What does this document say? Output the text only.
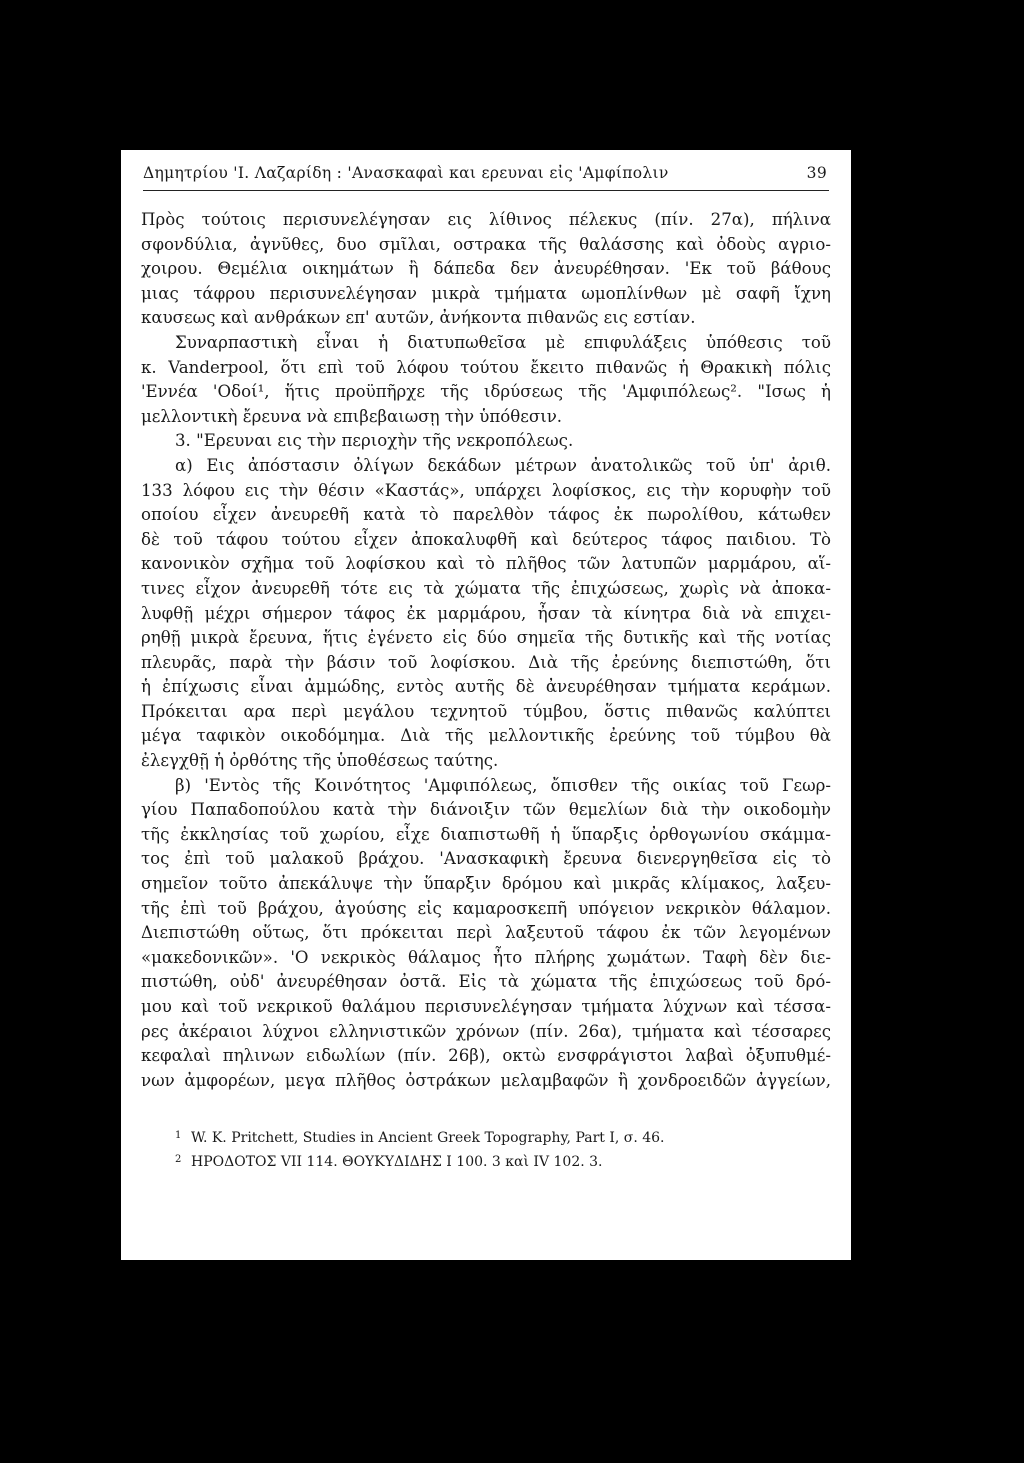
Δημητρίου 'Ι. Λαζαρίδη : 'Ανασκαφαὶ και ερευναι εἰς 'Αμφίπολιν	39
Πρὸς τούτοις περισυνελέγησαν εις λίθινος πέλεκυς (πίν. 27α), πήλινα
σφονδύλια, ἀγνῦθες, δυο σμῖλαι, οστρακα τῆς θαλάσσης καὶ ὀδοὺς αγριο-
χοιρου. Θεμέλια οικημάτων ἢ δάπεδα δεν ἀνευρέθησαν. 'Εκ τοῦ βάθους
μιας τάφρου περισυνελέγησαν μικρὰ τμήματα ωμοπλίνθων μὲ σαφῆ ἴχνη
καυσεως καὶ ανθράκων επ' αυτῶν, ἀνήκοντα πιθανῶς εις εστίαν.
Συναρπαστικὴ εἶναι ἡ διατυπωθεῖσα μὲ επιφυλάξεις ὑπόθεσις τοῦ
κ. Vanderpool, ὅτι επὶ τοῦ λόφου τούτου ἔκειτο πιθανῶς ἡ Θρακικὴ πόλις
'Εννέα 'Οδοί¹, ἥτις προϋπῆρχε τῆς ιδρύσεως τῆς 'Αμφιπόλεως². "Ισως ἡ
μελλοντικὴ ἔρευνα νὰ επιβεβαιωσῃ τὴν ὑπόθεσιν.
3. "Ερευναι εις τὴν περιοχὴν τῆς νεκροπόλεως.
α) Εις ἀπόστασιν ὀλίγων δεκάδων μέτρων ἀνατολικῶς τοῦ ὑπ' ἀριθ.
133 λόφου εις τὴν θέσιν «Καστάς», υπάρχει λοφίσκος, εις τὴν κορυφὴν τοῦ
οποίου εἶχεν ἀνευρεθῆ κατὰ τὸ παρελθὸν τάφος ἐκ πωρολίθου, κάτωθεν
δὲ τοῦ τάφου τούτου εἶχεν ἀποκαλυφθῆ καὶ δεύτερος τάφος παιδιου. Τὸ
κανονικὸν σχῆμα τοῦ λοφίσκου καὶ τὸ πλῆθος τῶν λατυπῶν μαρμάρου, αἵ-
τινες εἶχον ἀνευρεθῆ τότε εις τὰ χώματα τῆς ἐπιχώσεως, χωρὶς νὰ ἀποκα-
λυφθῇ μέχρι σήμερον τάφος ἐκ μαρμάρου, ἦσαν τὰ κίνητρα διὰ νὰ επιχει-
ρηθῇ μικρὰ ἔρευνα, ἥτις ἐγένετο εἰς δύο σημεῖα τῆς δυτικῆς καὶ τῆς νοτίας
πλευρᾶς, παρὰ τὴν βάσιν τοῦ λοφίσκου. Διὰ τῆς ἐρεύνης διεπιστώθη, ὅτι
ἡ ἐπίχωσις εἶναι ἀμμώδης, εντὸς αυτῆς δὲ ἀνευρέθησαν τμήματα κεράμων.
Πρόκειται αρα περὶ μεγάλου τεχνητοῦ τύμβου, ὅστις πιθανῶς καλύπτει
μέγα ταφικὸν οικοδόμημα. Διὰ τῆς μελλοντικῆς ἐρεύνης τοῦ τύμβου θὰ
ἐλεγχθῇ ἡ ὀρθότης τῆς ὑποθέσεως ταύτης.
β) 'Εντὸς τῆς Κοινότητος 'Αμφιπόλεως, ὄπισθεν τῆς οικίας τοῦ Γεωρ-
γίου Παπαδοπούλου κατὰ τὴν διάνοιξιν τῶν θεμελίων διὰ τὴν οικοδομὴν
τῆς ἐκκλησίας τοῦ χωρίου, εἶχε διαπιστωθῆ ἡ ὕπαρξις ὀρθογωνίου σκάμμα-
τος ἐπὶ τοῦ μαλακοῦ βράχου. 'Ανασκαφικὴ ἔρευνα διενεργηθεῖσα εἰς τὸ
σημεῖον τοῦτο ἀπεκάλυψε τὴν ὕπαρξιν δρόμου καὶ μικρᾶς κλίμακος, λαξευ-
τῆς ἐπὶ τοῦ βράχου, ἀγούσης εἰς καμαροσκεπῆ υπόγειον νεκρικὸν θάλαμον.
Διεπιστώθη οὕτως, ὅτι πρόκειται περὶ λαξευτοῦ τάφου ἐκ τῶν λεγομένων
«μακεδονικῶν». 'Ο νεκρικὸς θάλαμος ἦτο πλήρης χωμάτων. Ταφὴ δὲν διε-
πιστώθη, οὐδ' ἀνευρέθησαν ὀστᾶ. Εἰς τὰ χώματα τῆς ἐπιχώσεως τοῦ δρό-
μου καὶ τοῦ νεκρικοῦ θαλάμου περισυνελέγησαν τμήματα λύχνων καὶ τέσσα-
ρες ἀκέραιοι λύχνοι ελληνιστικῶν χρόνων (πίν. 26α), τμήματα καὶ τέσσαρες
κεφαλαὶ πηλινων ειδωλίων (πίν. 26β), οκτὼ ενσφράγιστοι λαβαὶ ὀξυπυθμέ-
νων ἀμφορέων, μεγα πλῆθος ὀστράκων μελαμβαφῶν ἢ χονδροειδῶν ἀγγείων,
1 W. K. Pritchett, Studies in Ancient Greek Topography, Part I, σ. 46.
2 ΗΡΟΔΟΤΟΣ VII 114. ΘΟΥΚΥΔΙΔΗΣ I 100. 3 καὶ IV 102. 3.
